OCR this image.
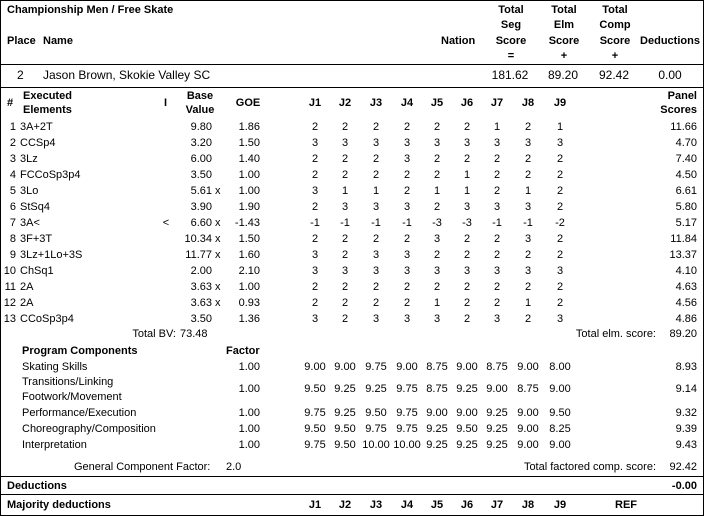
Championship Men / Free Skate
Place Name	Nation
Total
Seg
Score
=
Total
Elm
Score
+
Total
Comp
Score
+
Deductions
2 Jason Brown, Skokie Valley SC	181.62	89.20	92.42	0.00
#
Executed
Elements
I
Base
Value
GOE	J1	J2	J3	J4	J5	J6	J7	J8	J9
Panel
Scores
1 3A+2T	9.80	1.86	2	2	2	2	2	2	1	2	1	11.66
2 CCSp4	3.20	1.50	3	3	3	3	3	3	3	3	3	4.70
3 3Lz	6.00	1.40	2	2	2	3	2	2	2	2	2	7.40
4 FCCoSp3p4	3.50	1.00	2	2	2	2	2	1	2	2	2	4.50
5 3Lo	5.61 x	1.00	3	1	1	2	1	1	2	1	2	6.61
6 StSq4	3.90	1.90	2	3	3	3	2	3	3	3	2	5.80
7 3A<	<	6.60 x	-1.43	-1	-1	-1	-1	-3	-3	-1	-1	-2	5.17
8 3F+3T	10.34 x	1.50	2	2	2	2	3	2	2	3	2	11.84
9 3Lz+1Lo+3S	11.77 x	1.60	3	2	3	3	2	2	2	2	2	13.37
10 ChSq1	2.00	2.10	3	3	3	3	3	3	3	3	3	4.10
11 2A	3.63 x	1.00	2	2	2	2	2	2	2	2	2	4.63
12 2A	3.63 x	0.93	2	2	2	2	1	2	2	1	2	4.56
13 CCoSp3p4	3.50	1.36	3	2	3	3	3	2	3	2	3	4.86
Total BV: 73.48	Total elm. score:	89.20
Program Components	Factor
Skating Skills	1.00	9.00 9.00 9.75 9.00 8.75 9.00 8.75 9.00 8.00	8.93
Transitions/Linking
Footwork/Movement
1.00	9.50 9.25 9.25 9.75 8.75 9.25 9.00 8.75 9.00	9.14
Performance/Execution	1.00	9.75 9.25 9.50 9.75 9.00 9.00 9.25 9.00 9.50	9.32
Choreography/Composition	1.00	9.50 9.50 9.75 9.75 9.25 9.50 9.25 9.00 8.25	9.39
Interpretation	1.00	9.75 9.50 10.00 10.00 9.25 9.25 9.25 9.00 9.00	9.43
General Component Factor: 2.0	Total factored comp. score:	92.42
Deductions	-0.00
Majority deductions	J1	J2	J3	J4	J5	J6	J7	J8	J9	REF
